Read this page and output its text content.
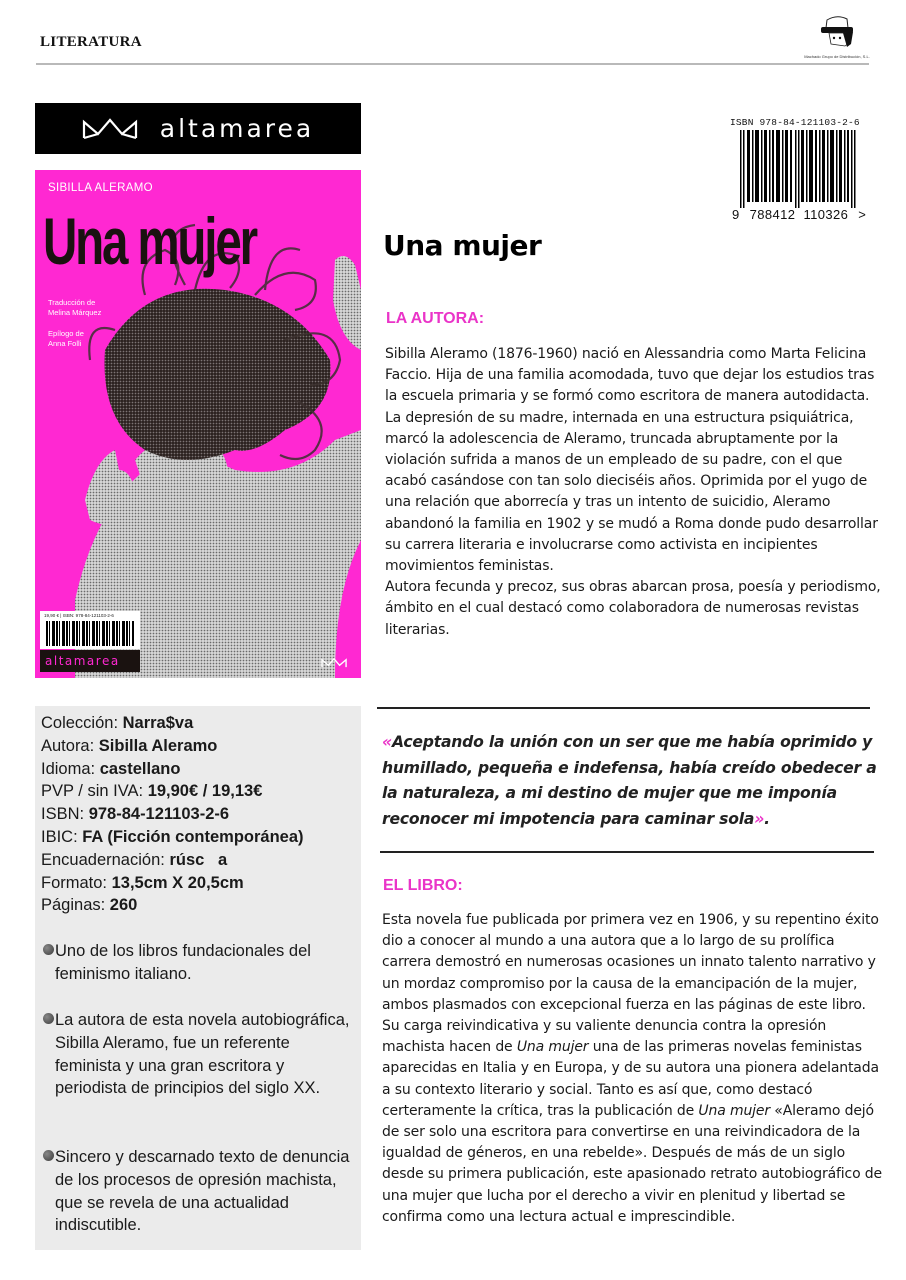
LITERATURA
Machado Grupo de Distribución, S.L.
altamarea
SIBILLA ALERAMO
Una mujer
Traducción de
Melina Márquez
Epílogo de
Anna Folli
19,90 € | ISBN: 978-84-121103-2-6
altamarea
ISBN 978-84-121103-2-6
9 788412 110326 >
Una mujer
LA AUTORA:

Sibilla Aleramo (1876-1960) nació en Alessandria como Marta Felicina Faccio. Hija de una familia acomodada, tuvo que dejar los estudios tras la escuela primaria y se formó como escritora de manera autodidacta. La depresión de su madre, internada en una estructura psiquiátrica, marcó la adolescencia de Aleramo, truncada abruptamente por la violación sufrida a manos de un empleado de su padre, con el que acabó casándose con tan solo dieciséis años. Oprimida por el yugo de una relación que aborrecía y tras un intento de suicidio, Aleramo abandonó la familia en 1902 y se mudó a Roma donde pudo desarrollar su carrera literaria e involucrarse como activista en incipientes movimientos feministas.

Autora fecunda y precoz, sus obras abarcan prosa, poesía y periodismo, ámbito en el cual destacó como colaboradora de numerosas revistas literarias.

Colección: Narra$va
Autora: Sibilla Aleramo
Idioma: castellano
PVP / sin IVA: 19,90€ / 19,13€
ISBN: 978-84-121103-2-6
IBIC: FA (Ficción contemporánea)
Encuadernación: rúsc   a
Formato: 13,5cm X 20,5cm
Páginas: 260
Uno de los libros fundacionales del feminismo italiano.
La autora de esta novela autobiográfica, Sibilla Aleramo, fue un referente feminista y una gran escritora y periodista de principios del siglo XX.
Sincero y descarnado texto de denuncia de los procesos de opresión machista, que se revela de una actualidad indiscutible.
«Aceptando la unión con un ser que me había oprimido y humillado, pequeña e indefensa, había creído obedecer a la naturaleza, a mi destino de mujer que me imponía reconocer mi impotencia para caminar sola».
EL LIBRO:
Esta novela fue publicada por primera vez en 1906, y su repentino éxito dio a conocer al mundo a una autora que a lo largo de su prolífica carrera demostró en numerosas ocasiones un innato talento narrativo y un mordaz compromiso por la causa de la emancipación de la mujer, ambos plasmados con excepcional fuerza en las páginas de este libro. Su carga reivindicativa y su valiente denuncia contra la opresión machista hacen de Una mujer una de las primeras novelas feministas aparecidas en Italia y en Europa, y de su autora una pionera adelantada a su contexto literario y social. Tanto es así que, como destacó certeramente la crítica, tras la publicación de Una mujer «Aleramo dejó de ser solo una escritora para convertirse en una reivindicadora de la igualdad de géneros, en una rebelde». Después de más de un siglo desde su primera publicación, este apasionado retrato autobiográfico de una mujer que lucha por el derecho a vivir en plenitud y libertad se confirma como una lectura actual e imprescindible.
